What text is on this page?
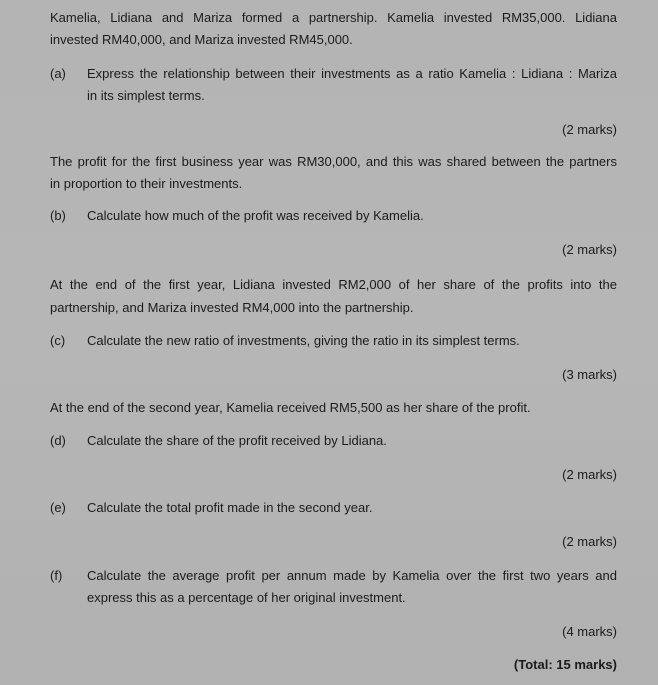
Kamelia, Lidiana and Mariza formed a partnership. Kamelia invested RM35,000. Lidiana
invested RM40,000, and Mariza invested RM45,000.
(a) Express the relationship between their investments as a ratio Kamelia : Lidiana : Mariza
in its simplest terms.
(2 marks)
The profit for the first business year was RM30,000, and this was shared between the partners
in proportion to their investments.
(b) Calculate how much of the profit was received by Kamelia.
(2 marks)
At the end of the first year, Lidiana invested RM2,000 of her share of the profits into the
partnership, and Mariza invested RM4,000 into the partnership.
(c) Calculate the new ratio of investments, giving the ratio in its simplest terms.
(3 marks)
At the end of the second year, Kamelia received RM5,500 as her share of the profit.
(d) Calculate the share of the profit received by Lidiana.
(2 marks)
(e) Calculate the total profit made in the second year.
(2 marks)
(f) Calculate the average profit per annum made by Kamelia over the first two years and
express this as a percentage of her original investment.
(4 marks)
(Total: 15 marks)
